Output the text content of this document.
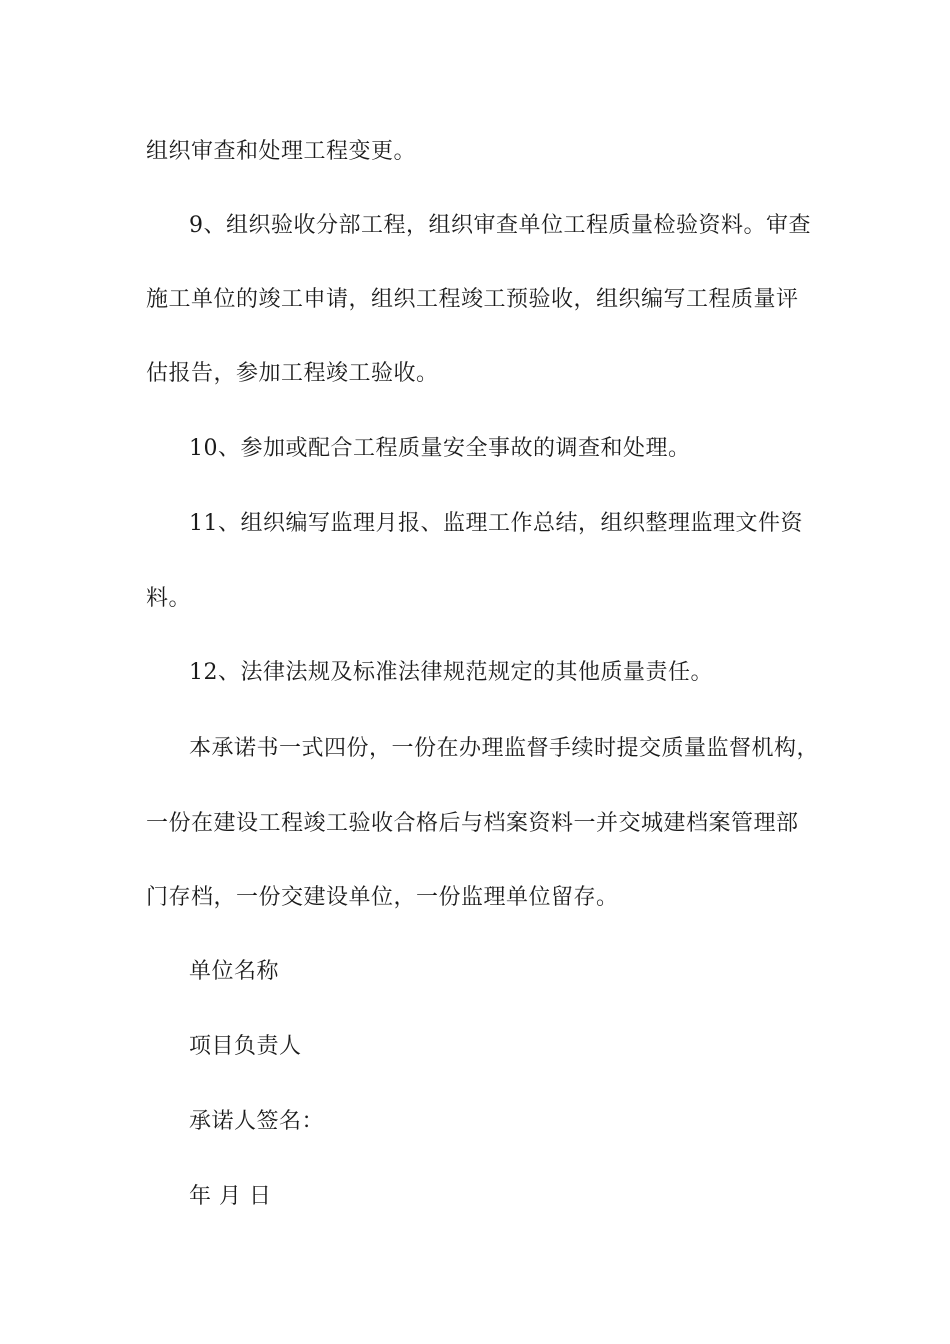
组织审查和处理工程变更。
9、组织验收分部工程，组织审查单位工程质量检验资料。审查
施工单位的竣工申请，组织工程竣工预验收，组织编写工程质量评
估报告，参加工程竣工验收。
10、参加或配合工程质量安全事故的调查和处理。
11、组织编写监理月报、监理工作总结，组织整理监理文件资
料。
12、法律法规及标准法律规范规定的其他质量责任。
本承诺书一式四份，一份在办理监督手续时提交质量监督机构，
一份在建设工程竣工验收合格后与档案资料一并交城建档案管理部
门存档，一份交建设单位，一份监理单位留存。
单位名称
项目负责人
承诺人签名：
年 月 日
